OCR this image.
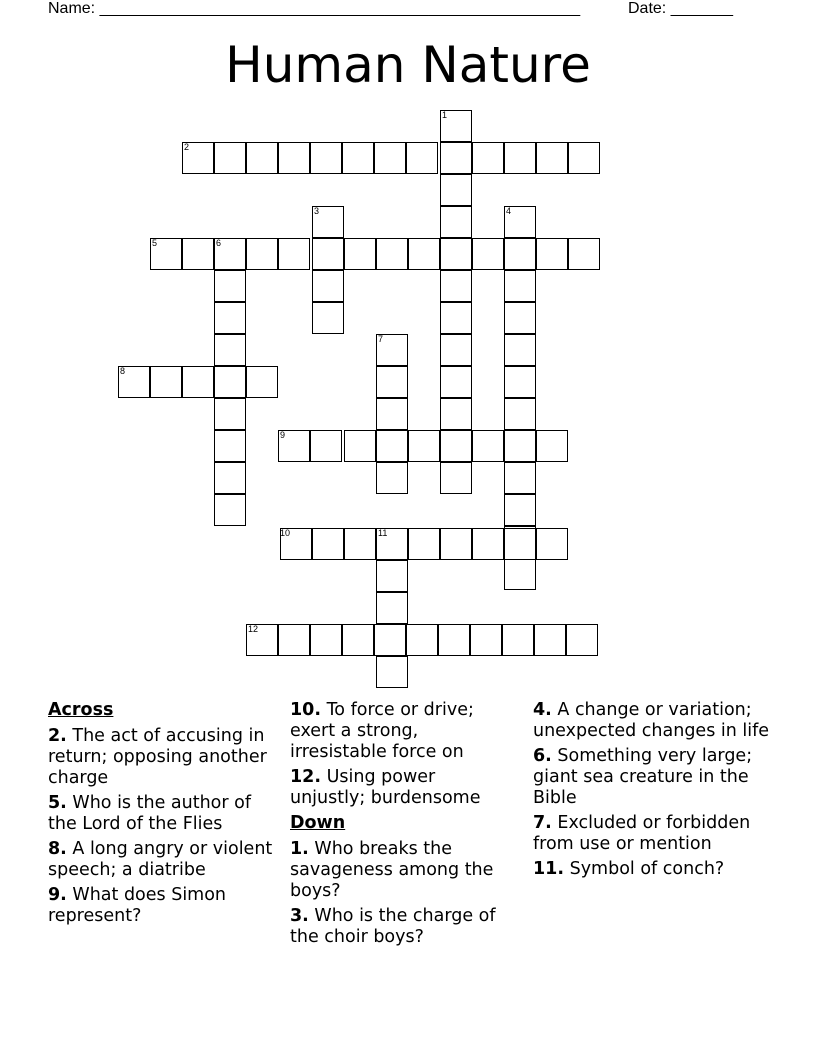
Name: ______________________________________________________	Date: _______
Human Nature
1
2
3	4
5	6
7
8
9
10	11
12
Across
2. The act of accusing in return; opposing another charge
5. Who is the author of the Lord of the Flies
8. A long angry or violent speech; a diatribe
9. What does Simon represent?
10. To force or drive; exert a strong, irresistable force on
12. Using power unjustly; burdensome
Down
1. Who breaks the savageness among the boys?
3. Who is the charge of the choir boys?
4. A change or variation; unexpected changes in life
6. Something very large; giant sea creature in the Bible
7. Excluded or forbidden from use or mention
11. Symbol of conch?
